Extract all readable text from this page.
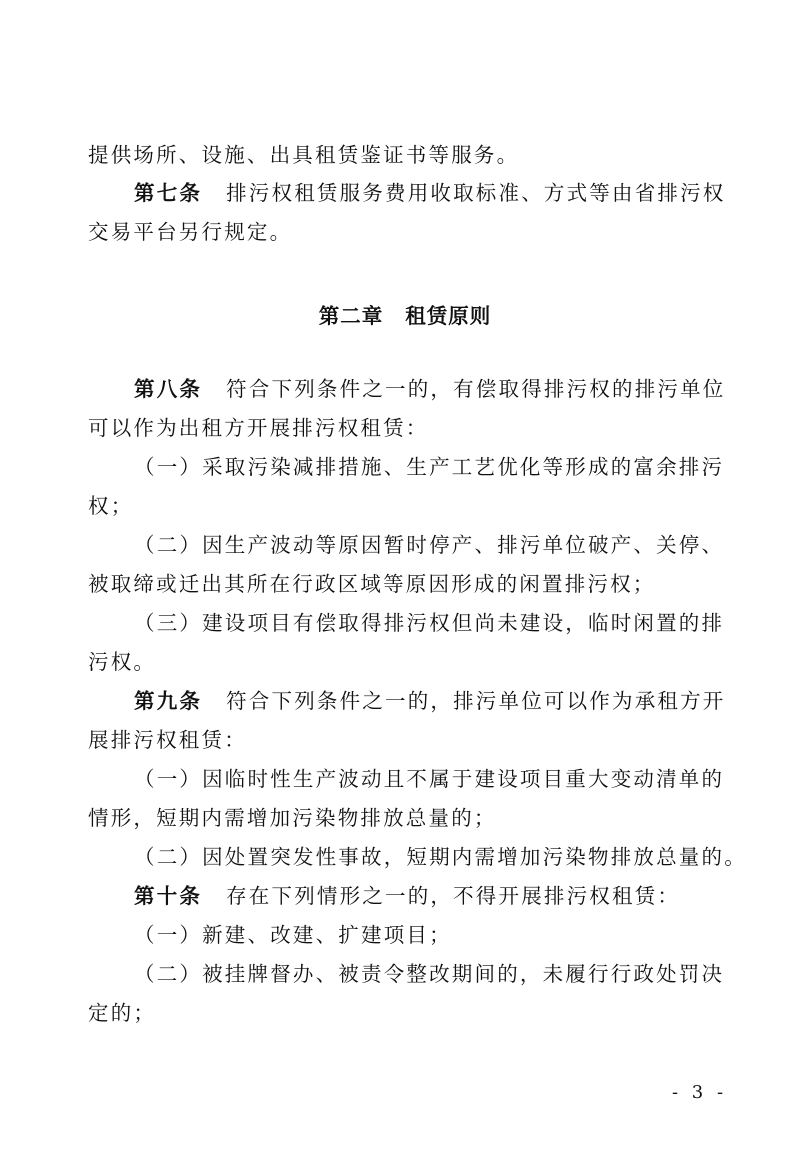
提供场所、设施、出具租赁鉴证书等服务。
第七条 排污权租赁服务费用收取标准、方式等由省排污权
交易平台另行规定。
第二章 租赁原则
第八条 符合下列条件之一的，有偿取得排污权的排污单位
可以作为出租方开展排污权租赁：
（一）采取污染减排措施、生产工艺优化等形成的富余排污
权；
（二）因生产波动等原因暂时停产、排污单位破产、关停、
被取缔或迁出其所在行政区域等原因形成的闲置排污权；
（三）建设项目有偿取得排污权但尚未建设，临时闲置的排
污权。
第九条 符合下列条件之一的，排污单位可以作为承租方开
展排污权租赁：
（一）因临时性生产波动且不属于建设项目重大变动清单的
情形，短期内需增加污染物排放总量的；
（二）因处置突发性事故，短期内需增加污染物排放总量的。
第十条 存在下列情形之一的，不得开展排污权租赁：
（一）新建、改建、扩建项目；
（二）被挂牌督办、被责令整改期间的，未履行行政处罚决
定的；
- 3 -
